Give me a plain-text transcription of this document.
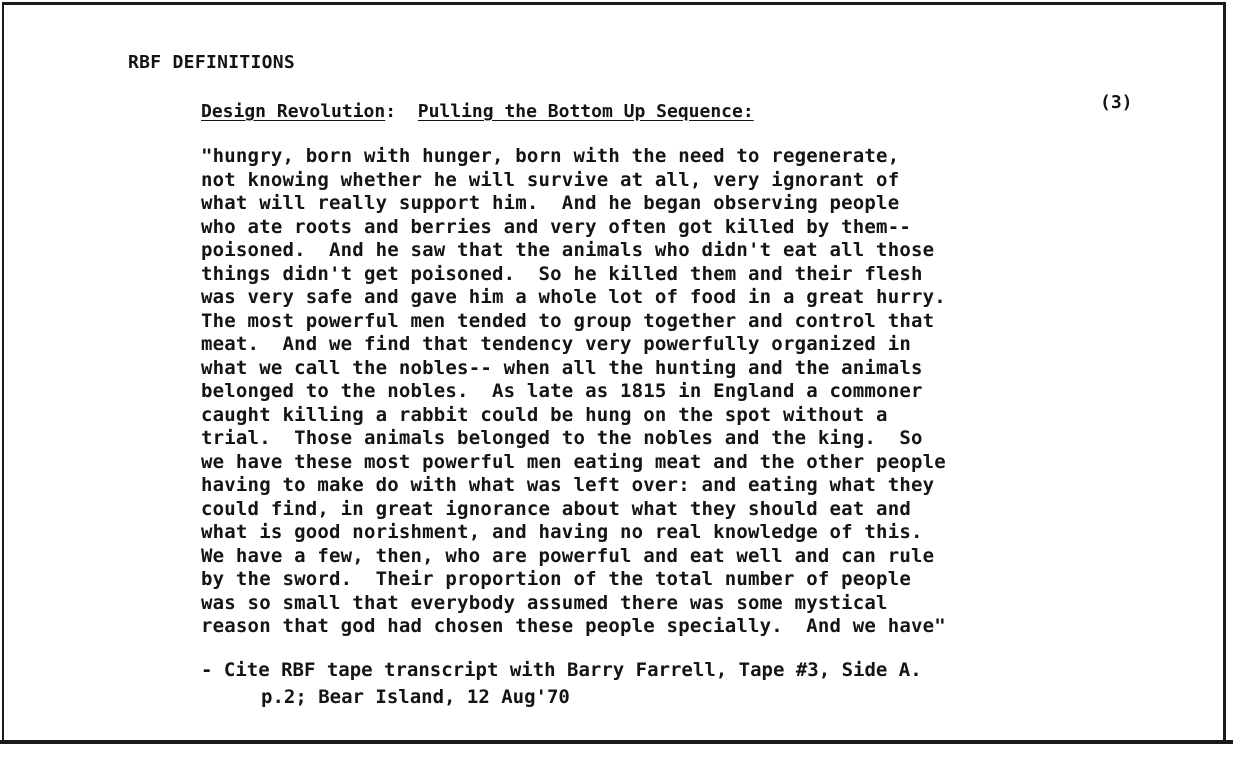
RBF DEFINITIONS
Design Revolution:  Pulling the Bottom Up Sequence:	(3)
"hungry, born with hunger, born with the need to regenerate,
not knowing whether he will survive at all, very ignorant of
what will really support him.  And he began observing people
who ate roots and berries and very often got killed by them--
poisoned.  And he saw that the animals who didn't eat all those
things didn't get poisoned.  So he killed them and their flesh
was very safe and gave him a whole lot of food in a great hurry.
The most powerful men tended to group together and control that
meat.  And we find that tendency very powerfully organized in
what we call the nobles-- when all the hunting and the animals
belonged to the nobles.  As late as 1815 in England a commoner
caught killing a rabbit could be hung on the spot without a
trial.  Those animals belonged to the nobles and the king.  So
we have these most powerful men eating meat and the other people
having to make do with what was left over: and eating what they
could find, in great ignorance about what they should eat and
what is good norishment, and having no real knowledge of this.
We have a few, then, who are powerful and eat well and can rule
by the sword.  Their proportion of the total number of people
was so small that everybody assumed there was some mystical
reason that god had chosen these people specially.  And we have"
- Cite RBF tape transcript with Barry Farrell, Tape #3, Side A.
p.2; Bear Island, 12 Aug'70
